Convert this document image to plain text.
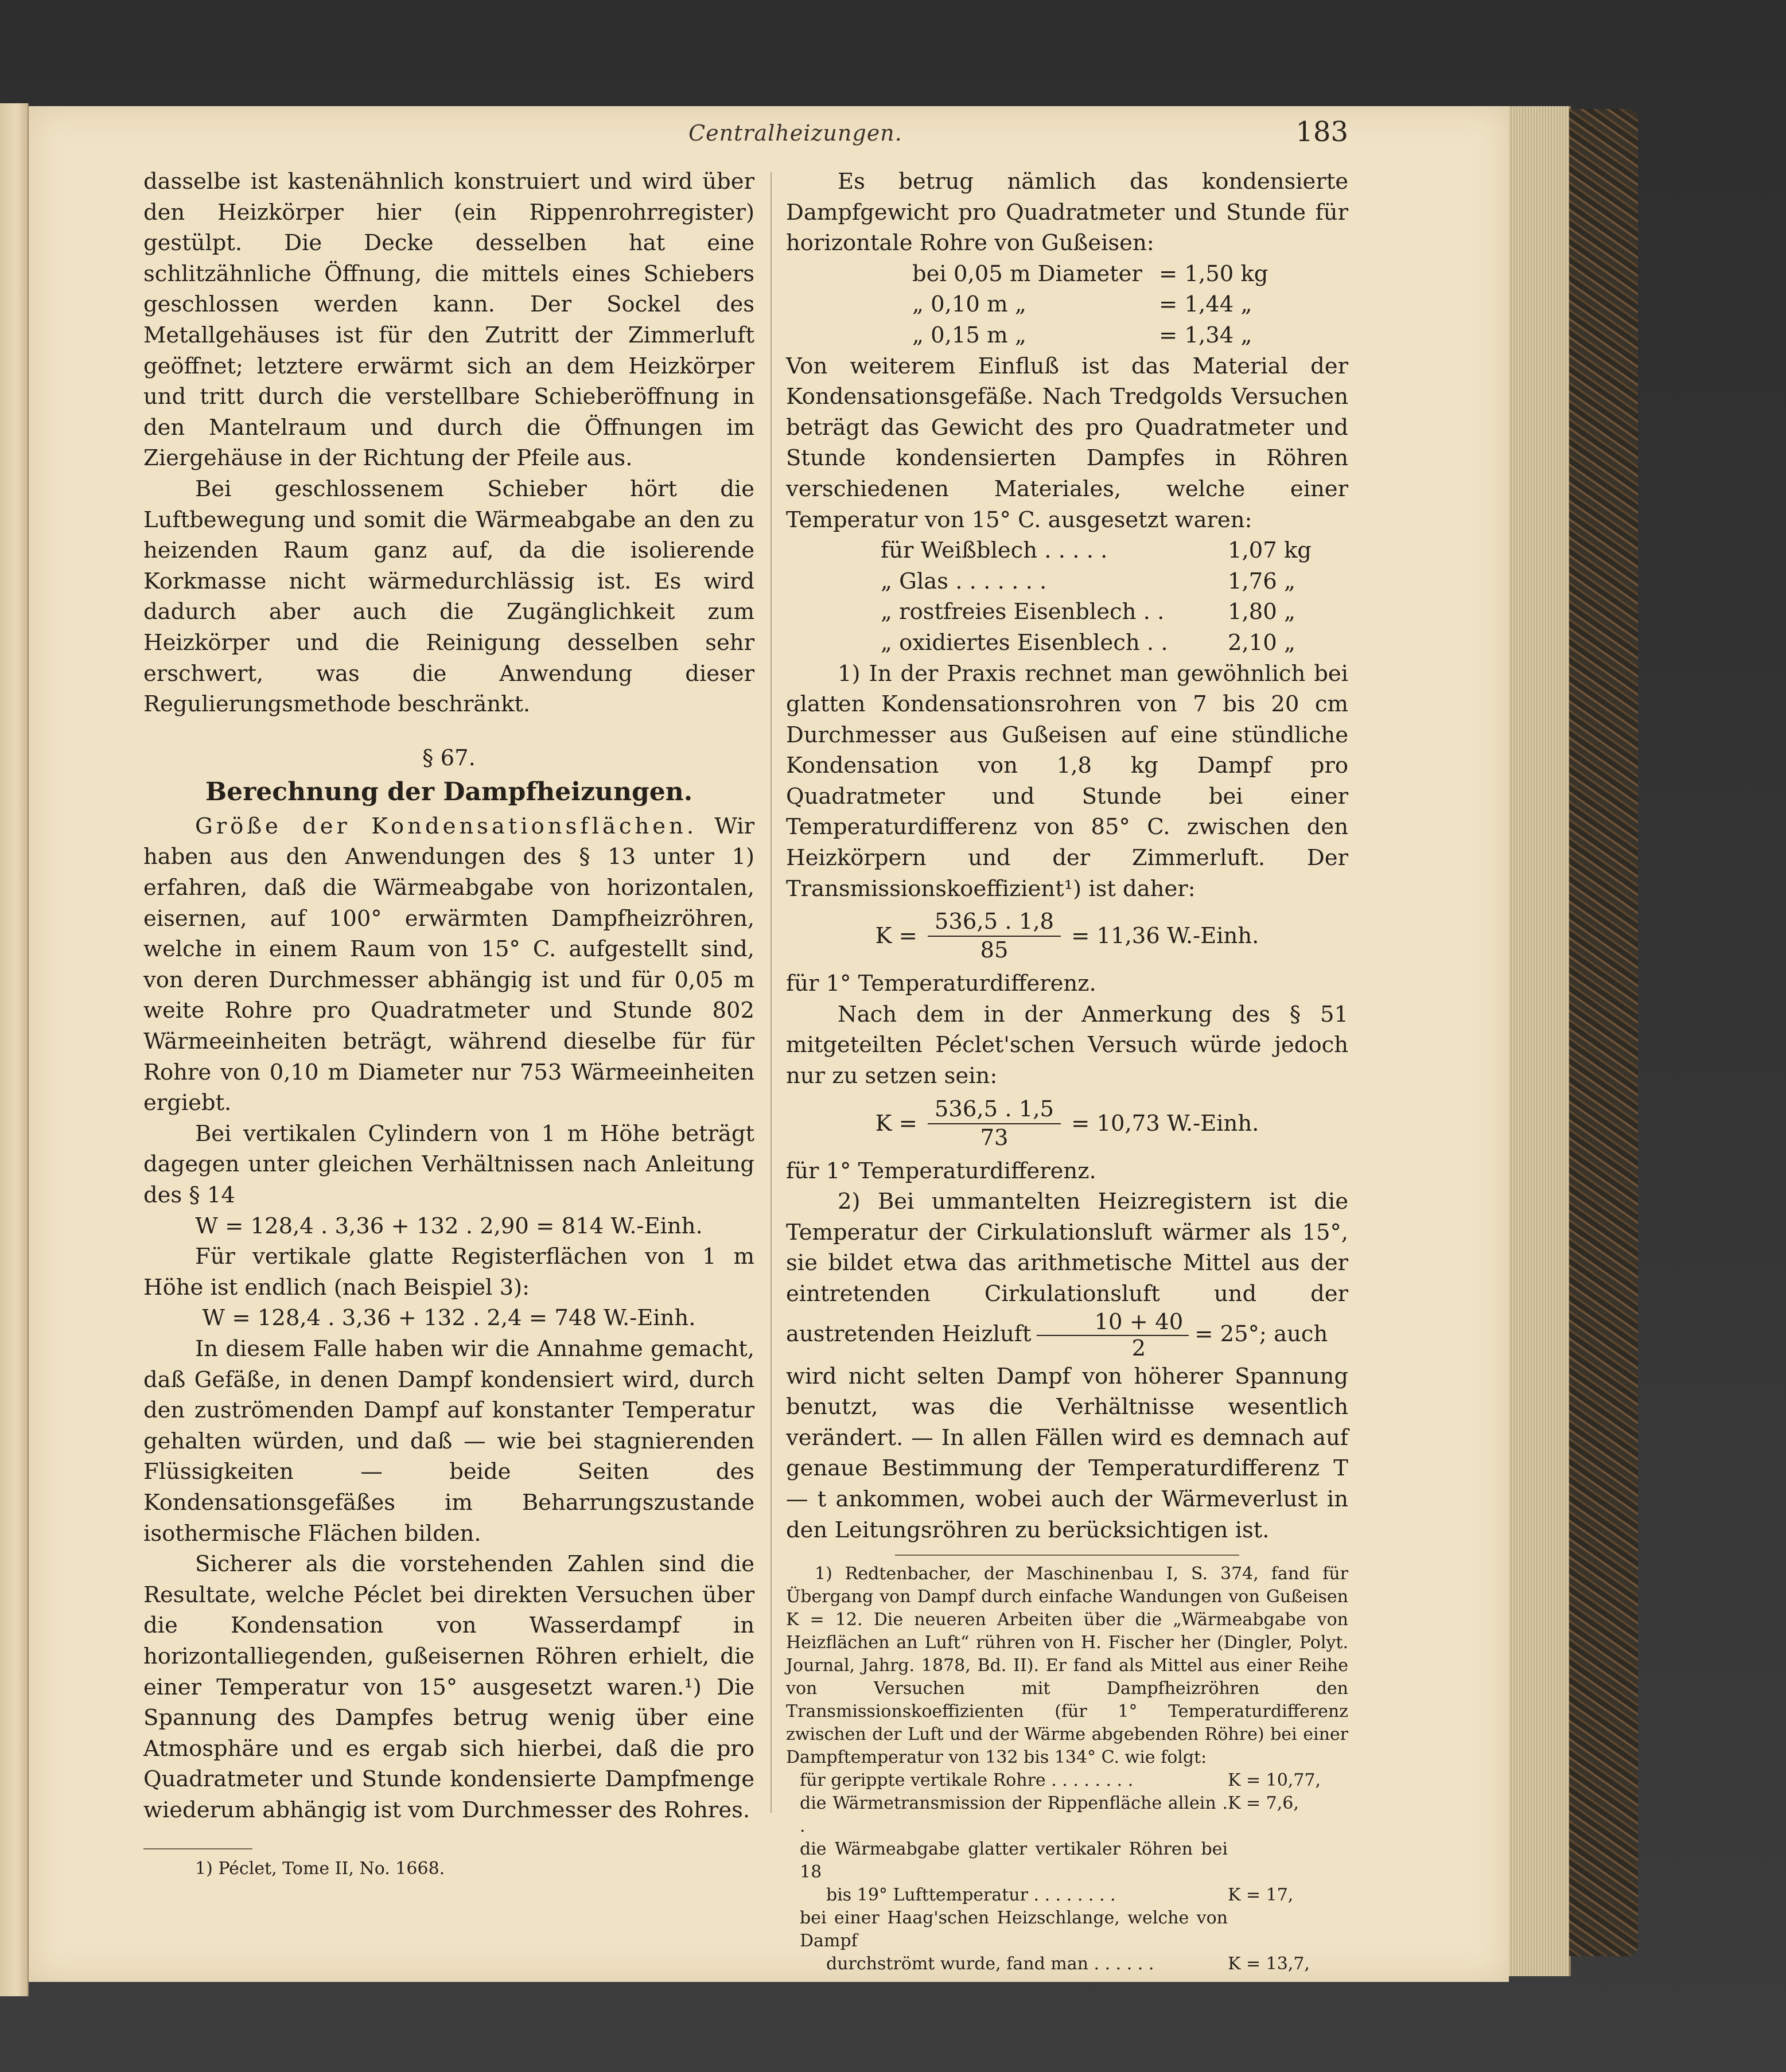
Centralheizungen.	183

dasselbe ist kastenähnlich konstruiert und wird über den Heizkörper hier (ein Rippenrohrregister) gestülpt. Die Decke desselben hat eine schlitzähnliche Öffnung, die mittels eines Schiebers geschlossen werden kann. Der Sockel des Metallgehäuses ist für den Zutritt der Zimmerluft geöffnet; letztere erwärmt sich an dem Heizkörper und tritt durch die verstellbare Schieberöffnung in den Mantelraum und durch die Öffnungen im Ziergehäuse in der Richtung der Pfeile aus.

Bei geschlossenem Schieber hört die Luftbewegung und somit die Wärmeabgabe an den zu heizenden Raum ganz auf, da die isolierende Korkmasse nicht wärmedurchlässig ist. Es wird dadurch aber auch die Zugänglichkeit zum Heizkörper und die Reinigung desselben sehr erschwert, was die Anwendung dieser Regulierungsmethode beschränkt.

§ 67.

Berechnung der Dampfheizungen.

Größe der Kondensationsflächen. Wir haben aus den Anwendungen des § 13 unter 1) erfahren, daß die Wärmeabgabe von horizontalen, eisernen, auf 100° erwärmten Dampfheizröhren, welche in einem Raum von 15° C. aufgestellt sind, von deren Durchmesser abhängig ist und für 0,05 m weite Rohre pro Quadratmeter und Stunde 802 Wärmeeinheiten beträgt, während dieselbe für für Rohre von 0,10 m Diameter nur 753 Wärmeeinheiten ergiebt.

Bei vertikalen Cylindern von 1 m Höhe beträgt dagegen unter gleichen Verhältnissen nach Anleitung des § 14

W = 128,4 . 3,36 + 132 . 2,90 = 814 W.-Einh.

Für vertikale glatte Registerflächen von 1 m Höhe ist endlich (nach Beispiel 3):

W = 128,4 . 3,36 + 132 . 2,4 = 748 W.-Einh.

In diesem Falle haben wir die Annahme gemacht, daß Gefäße, in denen Dampf kondensiert wird, durch den zuströmenden Dampf auf konstanter Temperatur gehalten würden, und daß — wie bei stagnierenden Flüssigkeiten — beide Seiten des Kondensationsgefäßes im Beharrungszustande isothermische Flächen bilden.

Sicherer als die vorstehenden Zahlen sind die Resultate, welche Péclet bei direkten Versuchen über die Kondensation von Wasserdampf in horizontalliegenden, gußeisernen Röhren erhielt, die einer Temperatur von 15° ausgesetzt waren.¹) Die Spannung des Dampfes betrug wenig über eine Atmosphäre und es ergab sich hierbei, daß die pro Quadratmeter und Stunde kondensierte Dampfmenge wiederum abhängig ist vom Durchmesser des Rohres.

1) Péclet, Tome II, No. 1668.

Es betrug nämlich das kondensierte Dampfgewicht pro Quadratmeter und Stunde für horizontale Rohre von Gußeisen:

bei 0,05 m Diameter = 1,50 kg
„ 0,10 m „	= 1,44 „
„ 0,15 m „	= 1,34 „

Von weiterem Einfluß ist das Material der Kondensationsgefäße. Nach Tredgolds Versuchen beträgt das Gewicht des pro Quadratmeter und Stunde kondensierten Dampfes in Röhren verschiedenen Materiales, welche einer Temperatur von 15° C. ausgesetzt waren:

für Weißblech . . . . .	1,07 kg
„ Glas . . . . . . .	1,76 „
„ rostfreies Eisenblech . .	1,80 „
„ oxidiertes Eisenblech . .	2,10 „

1) In der Praxis rechnet man gewöhnlich bei glatten Kondensationsrohren von 7 bis 20 cm Durchmesser aus Gußeisen auf eine stündliche Kondensation von 1,8 kg Dampf pro Quadratmeter und Stunde bei einer Temperaturdifferenz von 85° C. zwischen den Heizkörpern und der Zimmerluft. Der Transmissionskoeffizient¹) ist daher:

$K = \frac{536,5 . 1,8}{85} = 11,36$ W.-Einh.

für 1° Temperaturdifferenz.

Nach dem in der Anmerkung des § 51 mitgeteilten Péclet'schen Versuch würde jedoch nur zu setzen sein:

$K = \frac{536,5 . 1,5}{73} = 10,73$ W.-Einh.

für 1° Temperaturdifferenz.

2) Bei ummantelten Heizregistern ist die Temperatur der Cirkulationsluft wärmer als 15°, sie bildet etwa das arithmetische Mittel aus der eintretenden Cirkulationsluft und der austretenden Heizluft $\frac{10 + 40}{2} = 25^\circ$; auch

wird nicht selten Dampf von höherer Spannung benutzt, was die Verhältnisse wesentlich verändert. — In allen Fällen wird es demnach auf genaue Bestimmung der Temperaturdifferenz T — t ankommen, wobei auch der Wärmeverlust in den Leitungsröhren zu berücksichtigen ist.

1) Redtenbacher, der Maschinenbau I, S. 374, fand für Übergang von Dampf durch einfache Wandungen von Gußeisen K = 12. Die neueren Arbeiten über die „Wärmeabgabe von Heizflächen an Luft“ rühren von H. Fischer her (Dingler, Polyt. Journal, Jahrg. 1878, Bd. II). Er fand als Mittel aus einer Reihe von Versuchen mit Dampfheizröhren den Transmissionskoeffizienten (für 1° Temperaturdifferenz zwischen der Luft und der Wärme abgebenden Röhre) bei einer Dampftemperatur von 132 bis 134° C. wie folgt:

für gerippte vertikale Rohre . . . . . . . .	K = 10,77,
die Wärmetransmission der Rippenfläche allein . .
K = 7,6,
die Wärmeabgabe glatter vertikaler Röhren bei 18
bis 19° Lufttemperatur . . . . . . . .	K = 17,
bei einer Haag'schen Heizschlange, welche von Dampf
durchströmt wurde, fand man . . . . . .	K = 13,7,
